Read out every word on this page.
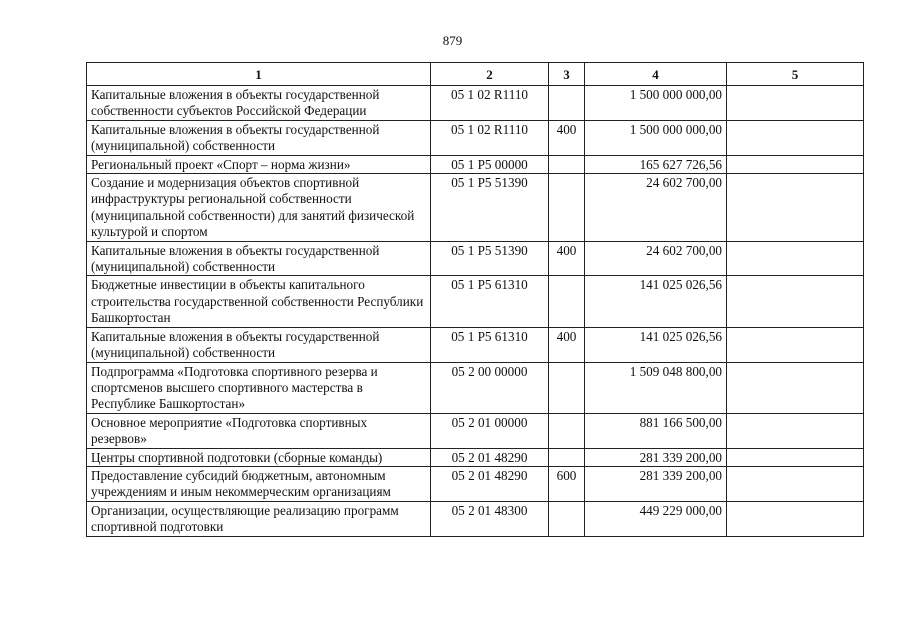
879
1	2	3	4	5
Капитальные вложения в объекты государственной собственности субъектов Российской Федерации	05 1 02 R1110		1 500 000 000,00	
Капитальные вложения в объекты государственной (муниципальной) собственности	05 1 02 R1110	400	1 500 000 000,00	
Региональный проект «Спорт – норма жизни»	05 1 P5 00000		165 627 726,56	
Создание и модернизация объектов спортивной инфраструктуры региональной собственности (муниципальной собственности) для занятий физической культурой и спортом	05 1 P5 51390		24 602 700,00	
Капитальные вложения в объекты государственной (муниципальной) собственности	05 1 P5 51390	400	24 602 700,00	
Бюджетные инвестиции в объекты капитального строительства государственной собственности Республики Башкортостан	05 1 P5 61310		141 025 026,56	
Капитальные вложения в объекты государственной (муниципальной) собственности	05 1 P5 61310	400	141 025 026,56	
Подпрограмма «Подготовка спортивного резерва и спортсменов высшего спортивного мастерства в Республике Башкортостан»	05 2 00 00000		1 509 048 800,00	
Основное мероприятие «Подготовка спортивных резервов»	05 2 01 00000		881 166 500,00	
Центры спортивной подготовки (сборные команды)	05 2 01 48290		281 339 200,00	
Предоставление субсидий бюджетным, автономным учреждениям и иным некоммерческим организациям	05 2 01 48290	600	281 339 200,00	
Организации, осуществляющие реализацию программ спортивной подготовки	05 2 01 48300		449 229 000,00	
